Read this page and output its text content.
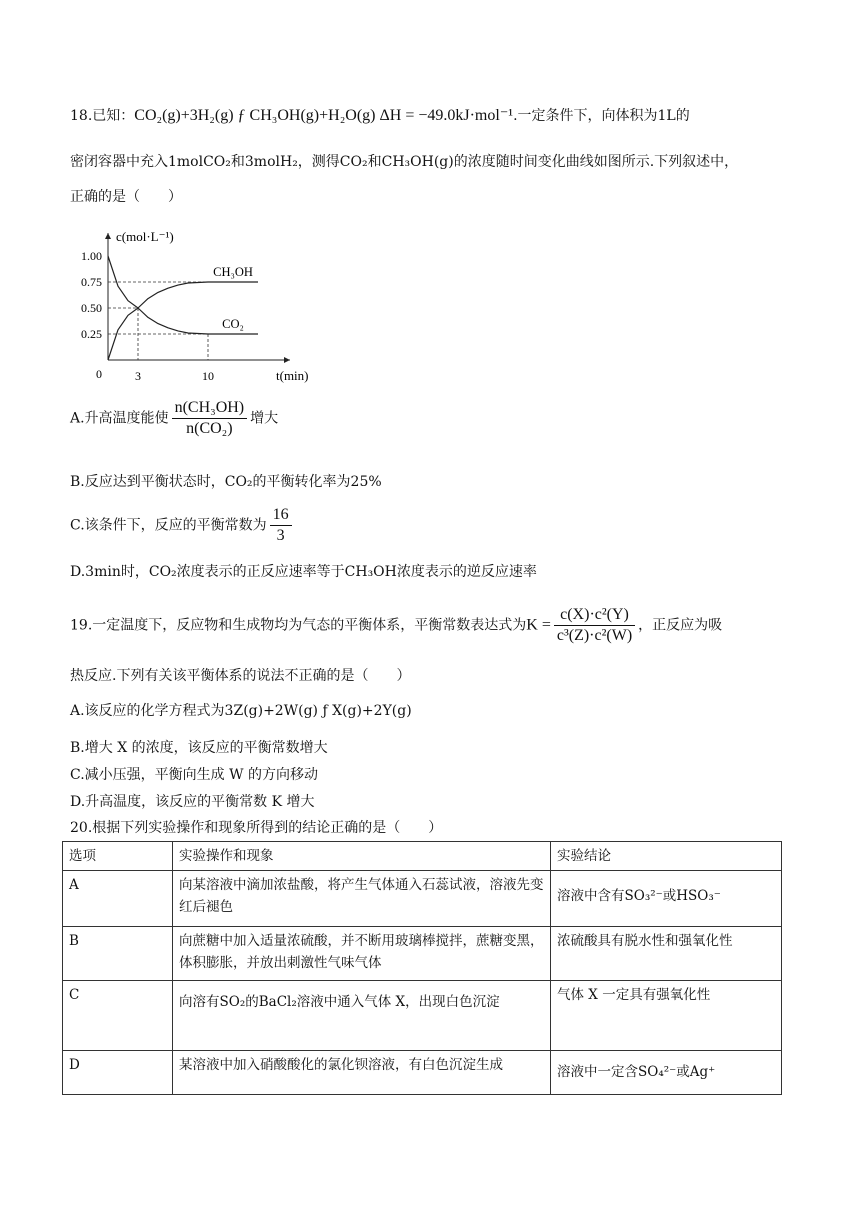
18.已知：CO₂(g)+3H₂(g) ƒ CH₃OH(g)+H₂O(g) ΔH = −49.0kJ·mol⁻¹.一定条件下，向体积为1L的
密闭容器中充入1molCO₂和3molH₂，测得CO₂和CH₃OH(g)的浓度随时间变化曲线如图所示.下列叙述中，
正确的是（　　）
c(mol·L⁻¹)
t(min)
0
1.00
0.75
0.50
0.25
3	10
CH₃OH
CO₂
A.升高温度能使 $\frac{\text{n(CH₃OH)}}{\text{n(CO₂)}}$ 增大
B.反应达到平衡状态时，CO₂的平衡转化率为25%
C.该条件下，反应的平衡常数为 $\frac{16}{3}$
D.3min时，CO₂浓度表示的正反应速率等于CH₃OH浓度表示的逆反应速率
19.一定温度下，反应物和生成物均为气态的平衡体系，平衡常数表达式为$K = \frac{\text{c(X)·c²(Y)}}{\text{c³(Z)·c²(W)}}$ ，正反应为吸
热反应.下列有关该平衡体系的说法不正确的是（　　）
A.该反应的化学方程式为3Z(g)+2W(g) ƒ X(g)+2Y(g)
B.增大 X 的浓度，该反应的平衡常数增大
C.减小压强，平衡向生成 W 的方向移动
D.升高温度，该反应的平衡常数 K 增大
20.根据下列实验操作和现象所得到的结论正确的是（　　）
选项	实验操作和现象	实验结论
A	向某溶液中滴加浓盐酸，将产生气体通入石蕊试液，溶液先变红后褪色	溶液中含有SO₃²⁻或HSO₃⁻
B	向蔗糖中加入适量浓硫酸，并不断用玻璃棒搅拌，蔗糖变黑，体积膨胀，并放出刺激性气味气体	浓硫酸具有脱水性和强氧化性
C	向溶有SO₂的BaCl₂溶液中通入气体 X，出现白色沉淀	气体 X 一定具有强氧化性
D	某溶液中加入硝酸酸化的氯化钡溶液，有白色沉淀生成	溶液中一定含SO₄²⁻或Ag⁺
